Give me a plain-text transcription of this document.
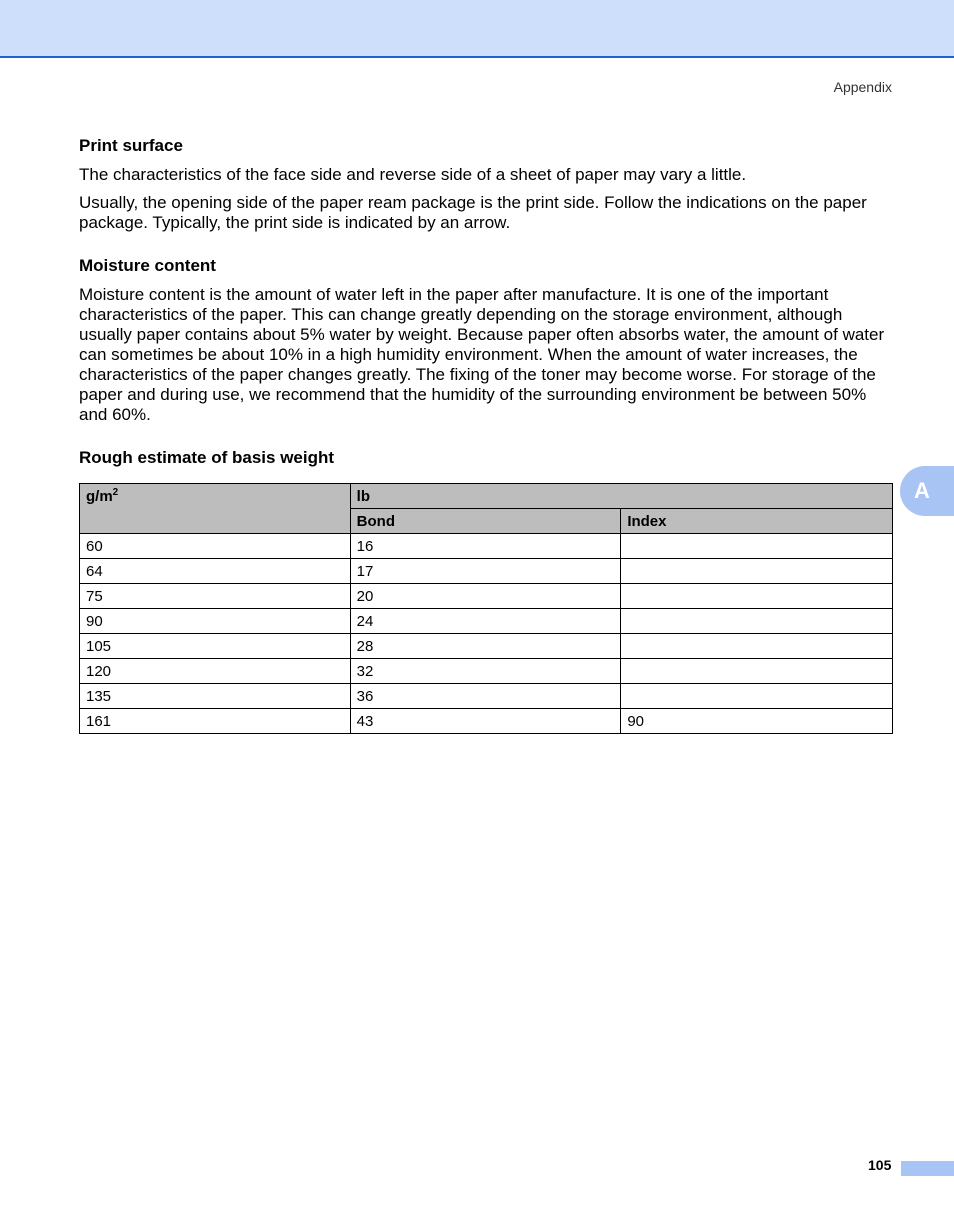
Appendix
Print surface

The characteristics of the face side and reverse side of a sheet of paper may vary a little.

Usually, the opening side of the paper ream package is the print side. Follow the indications on the paper package. Typically, the print side is indicated by an arrow.

Moisture content

Moisture content is the amount of water left in the paper after manufacture. It is one of the important characteristics of the paper. This can change greatly depending on the storage environment, although usually paper contains about 5% water by weight. Because paper often absorbs water, the amount of water can sometimes be about 10% in a high humidity environment. When the amount of water increases, the characteristics of the paper changes greatly. The fixing of the toner may become worse. For storage of the paper and during use, we recommend that the humidity of the surrounding environment be between 50% and 60%.

Rough estimate of basis weight
$g/m^2$	lb	
	Bond	Index
60	16	
64	17	
75	20	
90	24	
105	28	
120	32	
135	36	
161	43	90
A
105
